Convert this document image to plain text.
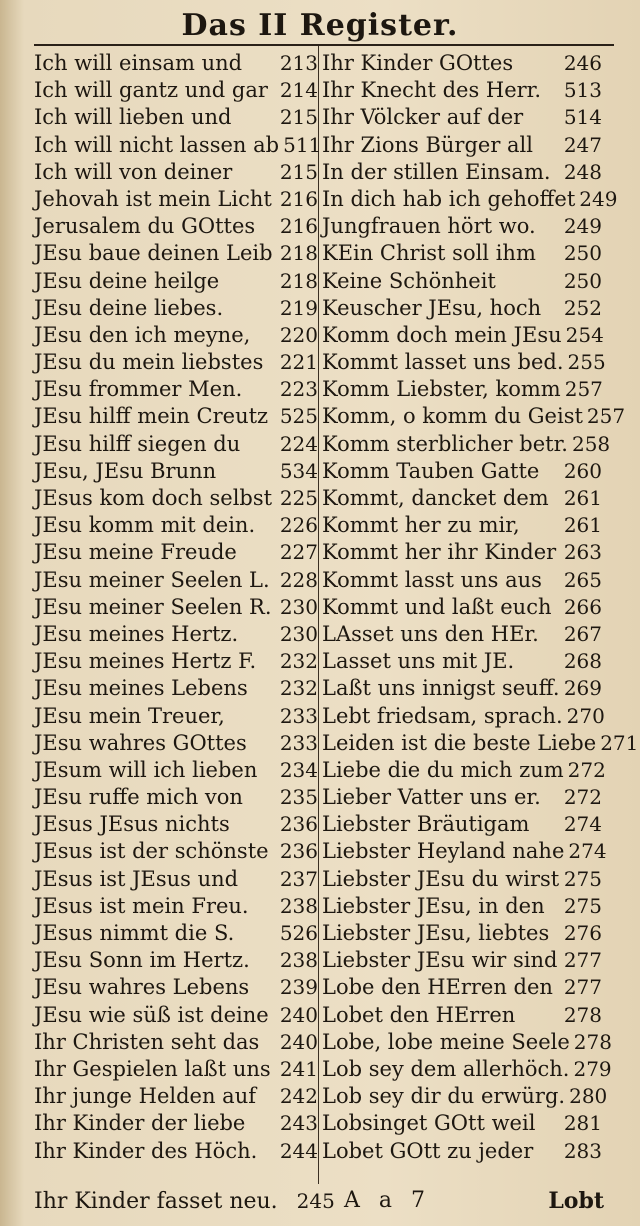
Das II Register.
Ich will einsam und	213
Ich will gantz und gar 214
Ich will lieben und	215
Ich will nicht lassen ab 511
Ich will von deiner	215
Jehovah ist mein Licht 216
Jerusalem du GOttes	216
JEsu baue deinen Leib 218
JEsu deine heilge	218
JEsu deine liebes.	219
JEsu den ich meyne,	220
JEsu du mein liebstes 221
JEsu frommer Men.	223
JEsu hilff mein Creutz 525
JEsu hilff siegen du	224
JEsu, JEsu Brunn	534
JEsus kom doch selbst 225
JEsu komm mit dein.	226
JEsu meine Freude	227
JEsu meiner Seelen L. 228
JEsu meiner Seelen R. 230
JEsu meines Hertz.	230
JEsu meines Hertz F.	232
JEsu meines Lebens	232
JEsu mein Treuer,	233
JEsu wahres GOttes	233
JEsum will ich lieben	234
JEsu ruffe mich von	235
JEsus JEsus nichts	236
JEsus ist der schönste 236
JEsus ist JEsus und	237
JEsus ist mein Freu.	238
JEsus nimmt die S.	526
JEsu Sonn im Hertz.	238
JEsu wahres Lebens	239
JEsu wie süß ist deine 240
Ihr Christen seht das	240
Ihr Gespielen laßt uns 241
Ihr junge Helden auf	242
Ihr Kinder der liebe	243
Ihr Kinder des Höch.	244
Ihr Kinder GOttes	246
Ihr Knecht des Herr.	513
Ihr Völcker auf der	514
Ihr Zions Bürger all	247
In der stillen Einsam. 248
In dich hab ich gehoffet 249
Jungfrauen hört wo.	249
KEin Christ soll ihm	250
Keine Schönheit	250
Keuscher JEsu, hoch	252
Komm doch mein JEsu 254
Kommt lasset uns bed. 255
Komm Liebster, komm 257
Komm, o komm du Geist 257
Komm sterblicher betr. 258
Komm Tauben Gatte	260
Kommt, dancket dem 261
Kommt her zu mir,	261
Kommt her ihr Kinder 263
Kommt lasst uns aus	265
Kommt und laßt euch 266
LAsset uns den HEr.	267
Lasset uns mit JE.	268
Laßt uns innigst seuff. 269
Lebt friedsam, sprach. 270
Leiden ist die beste Liebe 271
Liebe die du mich zum 272
Lieber Vatter uns er.	272
Liebster Bräutigam	274
Liebster Heyland nahe 274
Liebster JEsu du wirst 275
Liebster JEsu, in den 275
Liebster JEsu, liebtes 276
Liebster JEsu wir sind 277
Lobe den HErren den 277
Lobet den HErren	278
Lobe, lobe meine Seele 278
Lob sey dem allerhöch. 279
Lob sey dir du erwürg. 280
Lobsinget GOtt weil	281
Lobet GOtt zu jeder	283
Ihr Kinder fasset neu. 245 A a 7	Lobt
